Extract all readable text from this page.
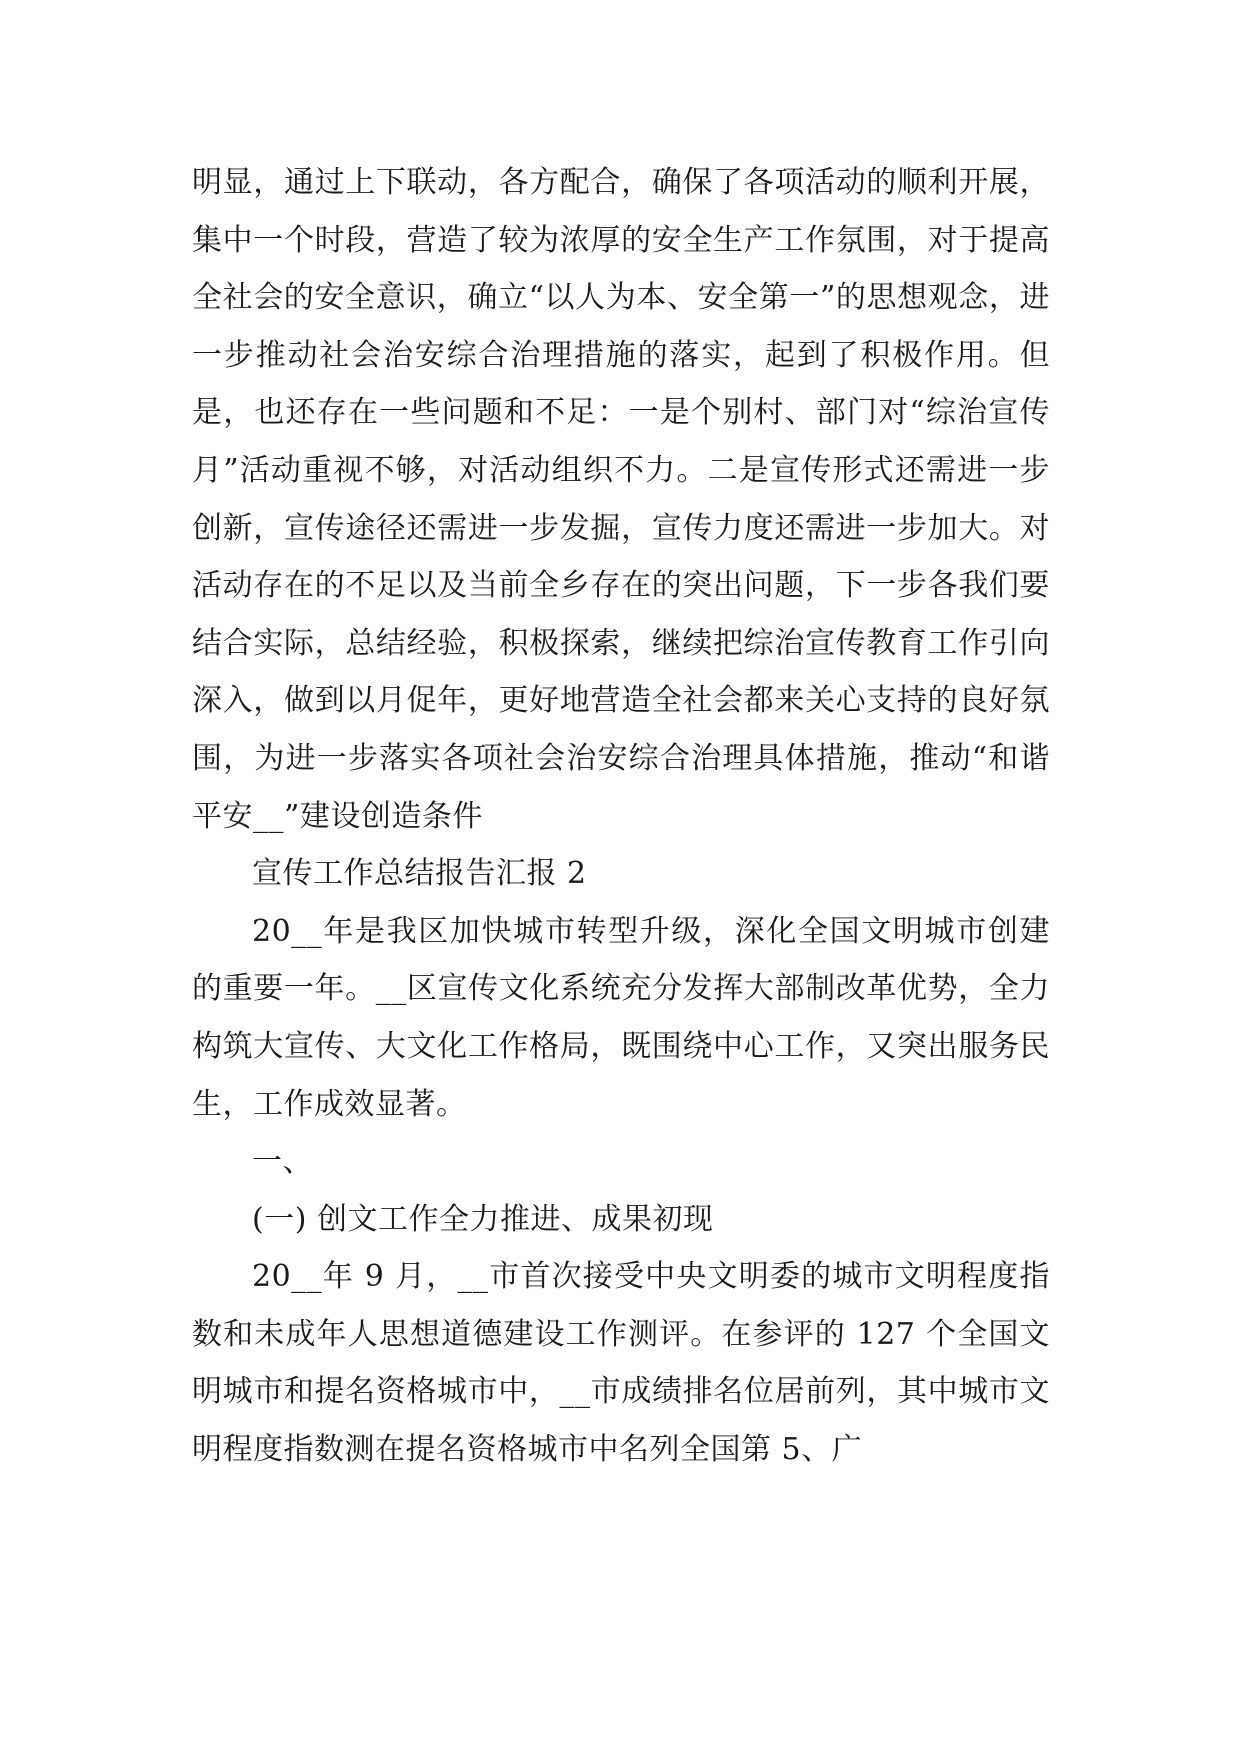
明显，通过上下联动，各方配合，确保了各项活动的顺利开展，集中一个时段，营造了较为浓厚的安全生产工作氛围，对于提高全社会的安全意识，确立“以人为本、安全第一”的思想观念，进一步推动社会治安综合治理措施的落实，起到了积极作用。但是，也还存在一些问题和不足：一是个别村、部门对“综治宣传月”活动重视不够，对活动组织不力。二是宣传形式还需进一步创新，宣传途径还需进一步发掘，宣传力度还需进一步加大。对活动存在的不足以及当前全乡存在的突出问题，下一步各我们要结合实际，总结经验，积极探索，继续把综治宣传教育工作引向深入，做到以月促年，更好地营造全社会都来关心支持的良好氛围，为进一步落实各项社会治安综合治理具体措施，推动“和谐平安__”建设创造条件

宣传工作总结报告汇报 2

20__年是我区加快城市转型升级，深化全国文明城市创建的重要一年。__区宣传文化系统充分发挥大部制改革优势，全力构筑大宣传、大文化工作格局，既围绕中心工作，又突出服务民生，工作成效显著。

一、

(一) 创文工作全力推进、成果初现

20__年 9 月，__市首次接受中央文明委的城市文明程度指数和未成年人思想道德建设工作测评。在参评的 127 个全国文明城市和提名资格城市中，__市成绩排名位居前列，其中城市文明程度指数测在提名资格城市中名列全国第 5、广
